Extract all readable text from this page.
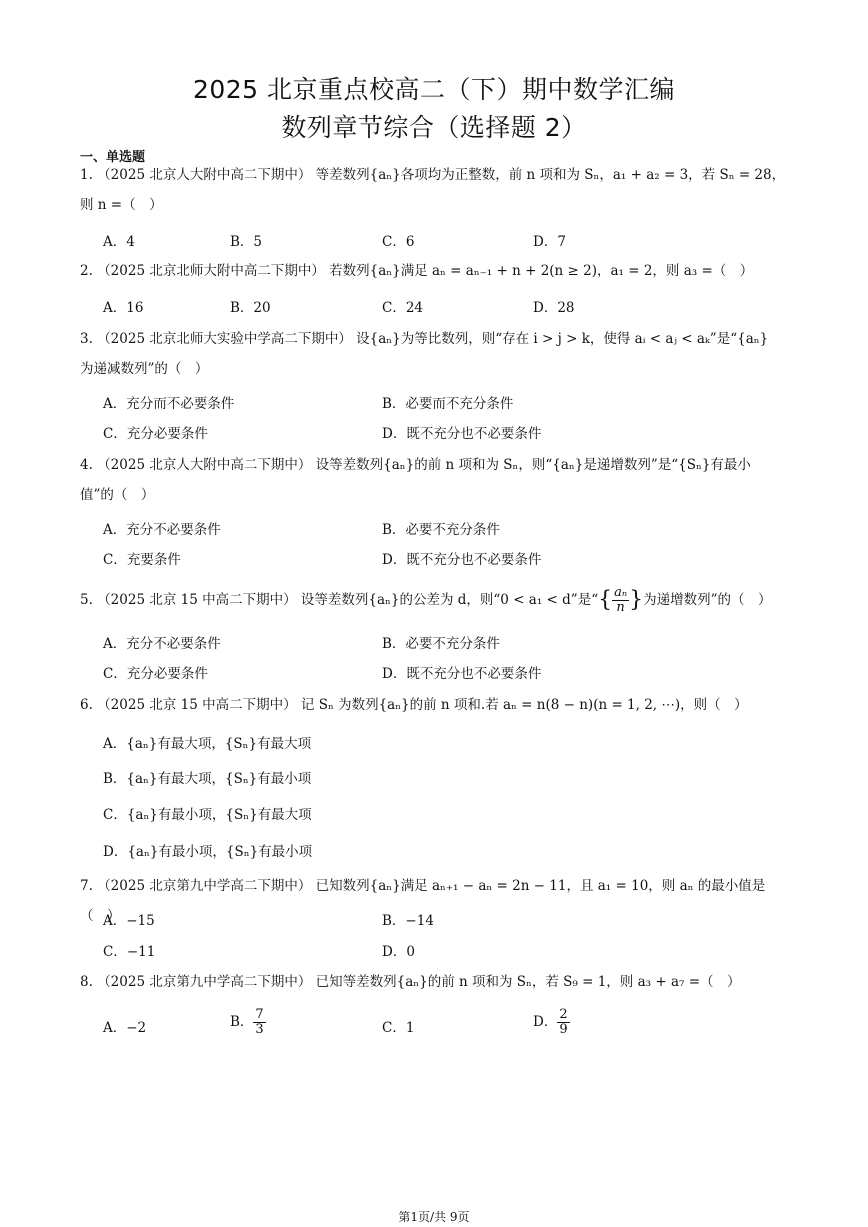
2025 北京重点校高二（下）期中数学汇编
数列章节综合（选择题 2）
一、单选题
1. （2025 北京人大附中高二下期中） 等差数列{aₙ}各项均为正整数，前 n 项和为 Sₙ，a₁ + a₂ = 3，若 Sₙ = 28，
则 n =（　）
A．4	B．5	C．6	D．7
2. （2025 北京北师大附中高二下期中） 若数列{aₙ}满足 aₙ = aₙ₋₁ + n + 2(n ≥ 2)，a₁ = 2，则 a₃ =（　）
A．16	B．20	C．24	D．28
3. （2025 北京北师大实验中学高二下期中） 设{aₙ}为等比数列，则“存在 i > j > k，使得 aᵢ < aⱼ < aₖ”是“{aₙ}
为递减数列”的（　）
A．充分而不必要条件	B．必要而不充分条件
C．充分必要条件	D．既不充分也不必要条件
4. （2025 北京人大附中高二下期中） 设等差数列{aₙ}的前 n 项和为 Sₙ，则“{aₙ}是递增数列”是“{Sₙ}有最小
值”的（　）
A．充分不必要条件	B．必要不充分条件
C．充要条件	D．既不充分也不必要条件
5. （2025 北京 15 中高二下期中） 设等差数列{aₙ}的公差为 d，则“0 < a₁ < d”是“{ $\frac{\text{aₙ}}{n}$ }为递增数列”的（　）
A．充分不必要条件	B．必要不充分条件
C．充分必要条件	D．既不充分也不必要条件
6. （2025 北京 15 中高二下期中） 记 Sₙ 为数列{aₙ}的前 n 项和.若 aₙ = n(8 − n)(n = 1, 2, ⋯)，则（　）
A．{aₙ}有最大项，{Sₙ}有最大项
B．{aₙ}有最大项，{Sₙ}有最小项
C．{aₙ}有最小项，{Sₙ}有最大项
D．{aₙ}有最小项，{Sₙ}有最小项
7. （2025 北京第九中学高二下期中） 已知数列{aₙ}满足 aₙ₊₁ − aₙ = 2n − 11，且 a₁ = 10，则 aₙ 的最小值是（　）
A．−15	B．−14
C．−11	D．0
8. （2025 北京第九中学高二下期中） 已知等差数列{aₙ}的前 n 项和为 Sₙ，若 S₉ = 1，则 a₃ + a₇ =（　）
A．−2	B． $\frac{7}{3}$	C．1	D． $\frac{2}{9}$
第1页/共 9页
